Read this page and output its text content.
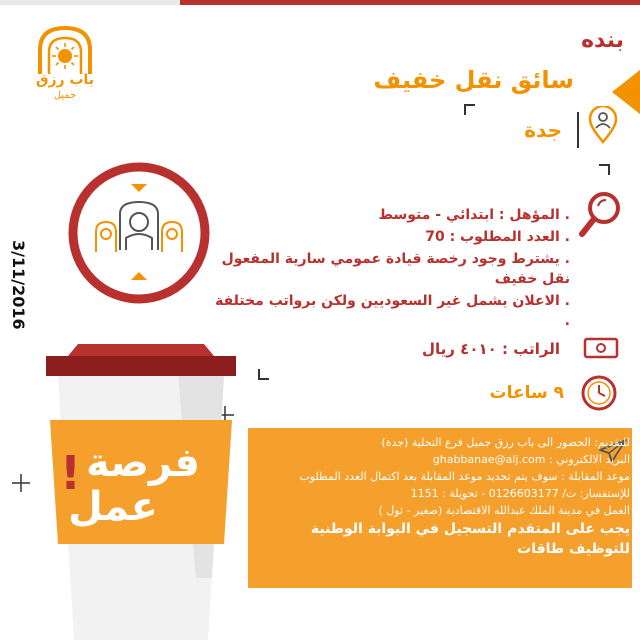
باب رزق
جميل
بنده
سائق نقل خفيف
جدة

. المؤهل : ابتدائي - متوسط

. العدد المطلوب : 70

. يشترط وجود رخصة قيادة عمومي سارية المفعول نقل خفيف

. الاعلان يشمل غير السعوديين ولكن برواتب مختلفة .

3/11/2016
الراتب : ٤٠١٠ ريال
٩ ساعات
فرصة
عمل
!

للتقديم: الحضور الى باب رزق جميل فرع التحلية (جدة)

البريد الالكتروني : ghabbanae@alj.com

موعد المقابلة : سوف يتم تحديد موعد المقابلة بعد اكتمال العدد المطلوب

للإستفسار: ت/ 0126603177 - تحويلة : 1151

العمل في مدينة الملك عبدالله الاقتصادية (صغير - ثول )

يجب على المتقدم التسجيل في البوابة الوطنية للتوظيف طاقات
